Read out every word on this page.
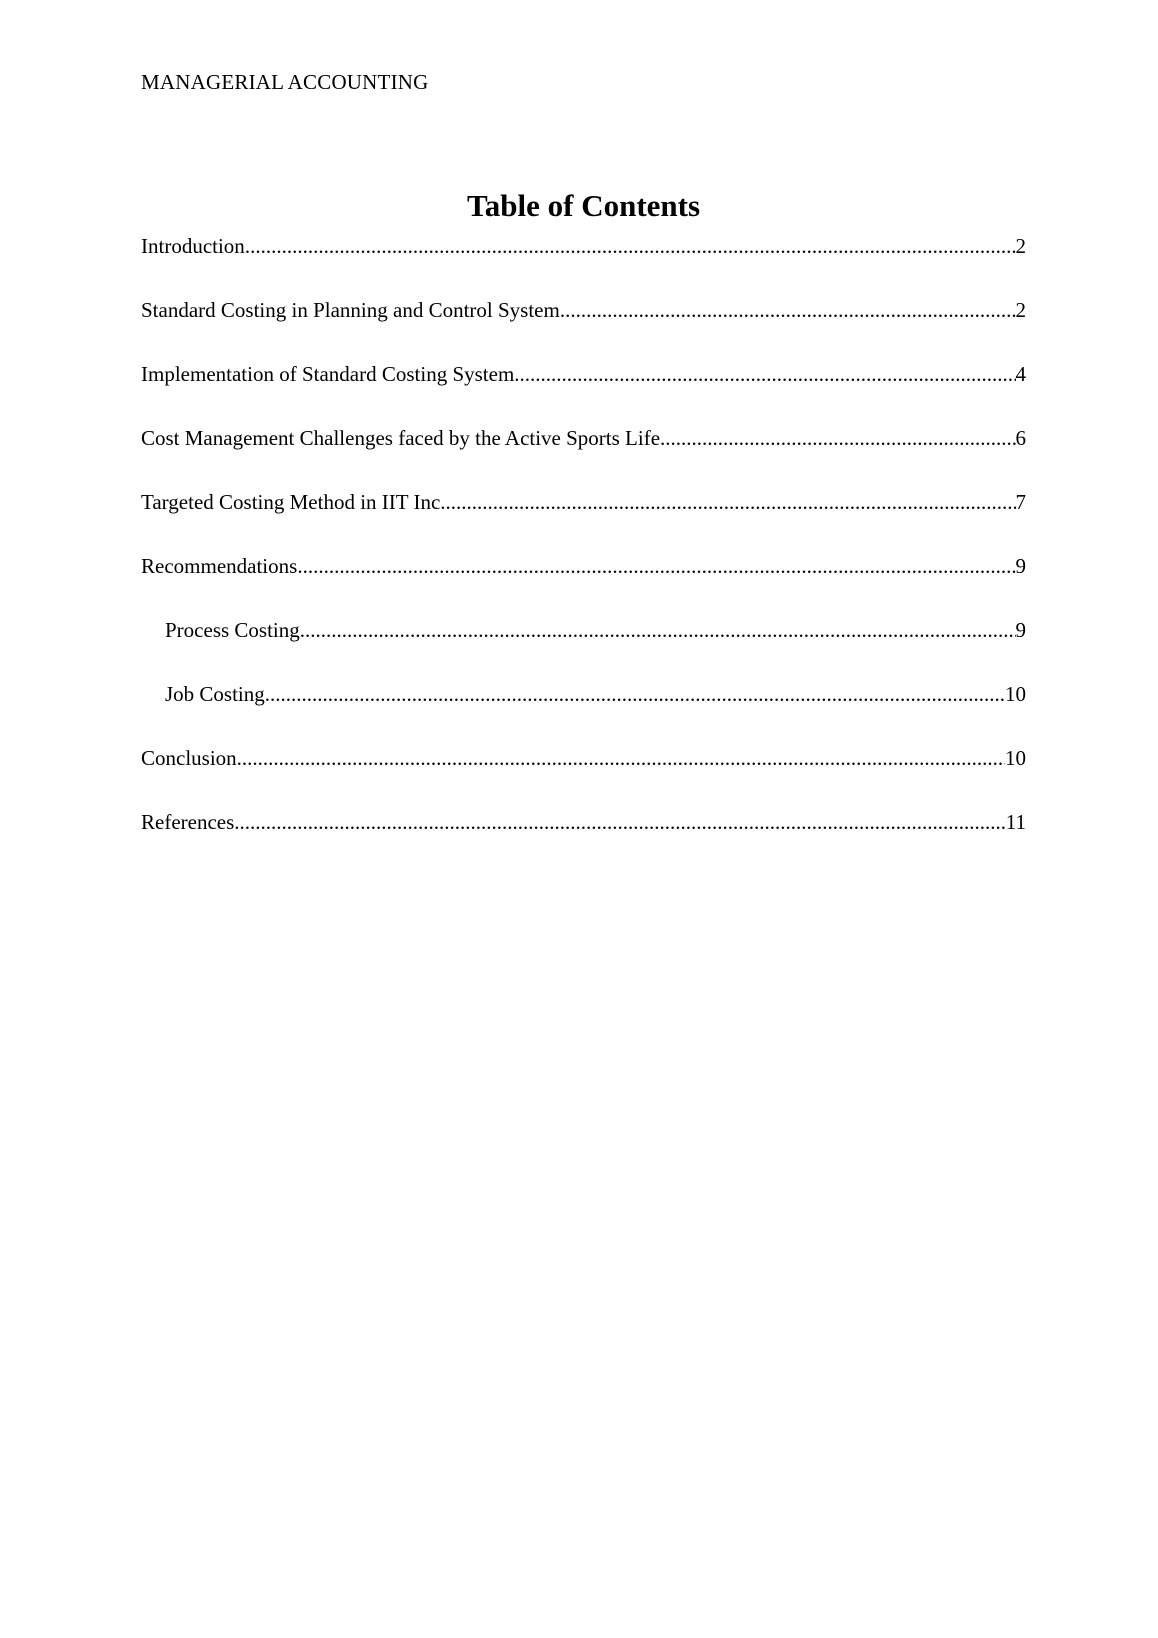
MANAGERIAL ACCOUNTING
Table of Contents
Introduction .....	2
Standard Costing in Planning and Control System .....	2
Implementation of Standard Costing System .....	4
Cost Management Challenges faced by the Active Sports Life .....	6
Targeted Costing Method in IIT Inc. .....	7
Recommendations .....	9
Process Costing .....	9
Job Costing .....	10
Conclusion .....	10
References .....	11
